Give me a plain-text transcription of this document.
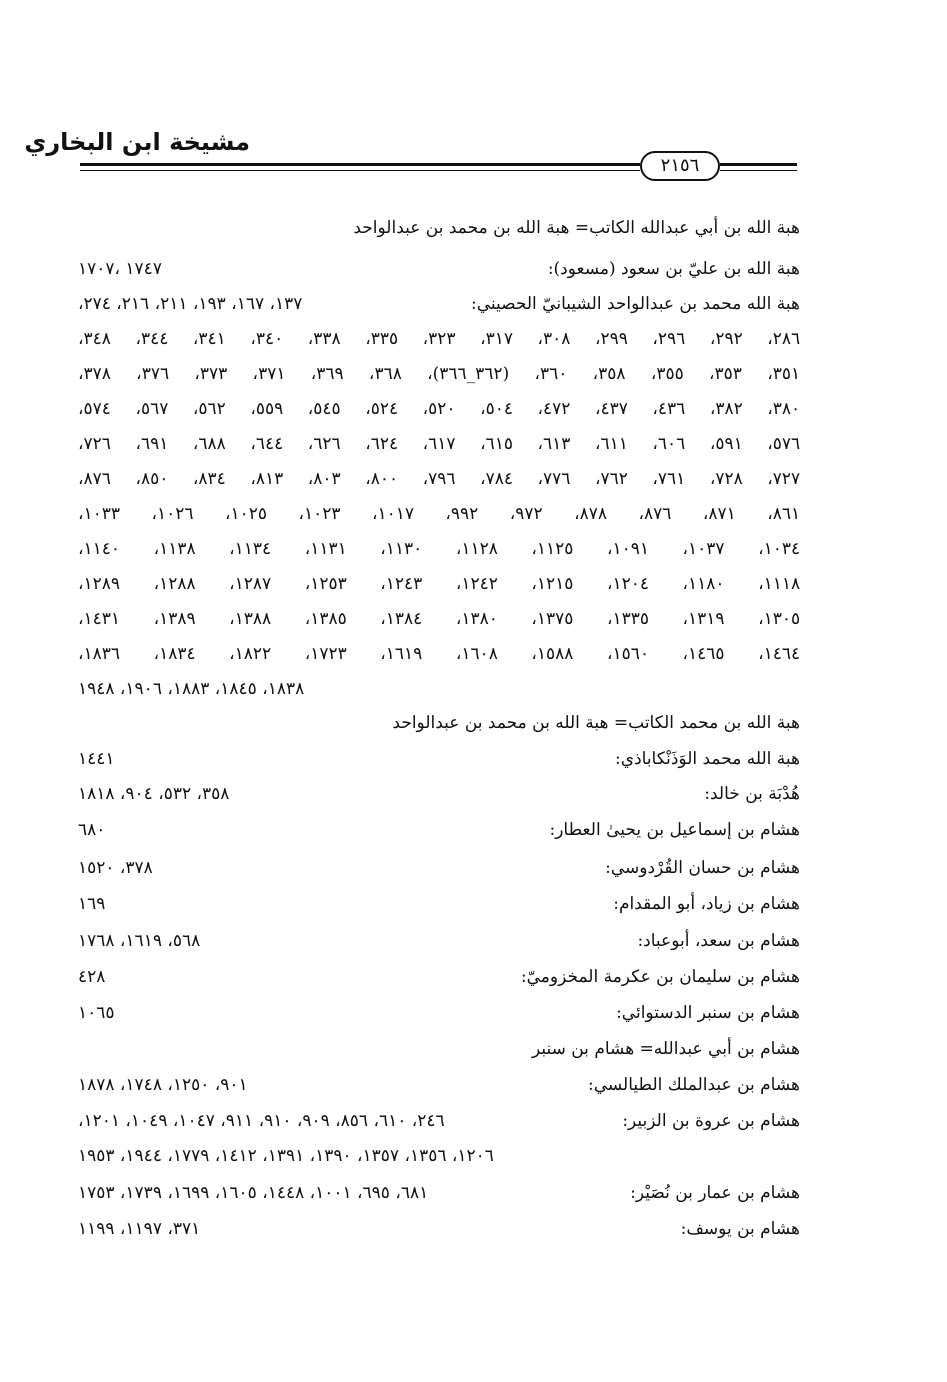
مشيخة ابن البخاري
٢١٥٦
هبة الله بن أبي عبدالله الكاتب= هبة الله بن محمد بن عبدالواحد
هبة الله بن عليّ بن سعود (مسعود):
١٧٤٧ ،١٧٠٧
هبة الله محمد بن عبدالواحد الشيبانيّ الحصيني:
١٣٧، ١٦٧، ١٩٣، ٢١١، ٢١٦، ٢٧٤،
٢٨٦، ٢٩٢، ٢٩٦، ٢٩٩، ٣٠٨، ٣١٧، ٣٢٣، ٣٣٥، ٣٣٨، ٣٤٠، ٣٤١، ٣٤٤، ٣٤٨،
٣٥١، ٣٥٣، ٣٥٥، ٣٥٨، ٣٦٠، (٣٦٢_٣٦٦)، ٣٦٨، ٣٦٩، ٣٧١، ٣٧٣، ٣٧٦، ٣٧٨،
٣٨٠، ٣٨٢، ٤٣٦، ٤٣٧، ٤٧٢، ٥٠٤، ٥٢٠، ٥٢٤، ٥٤٥، ٥٥٩، ٥٦٢، ٥٦٧، ٥٧٤،
٥٧٦، ٥٩١، ٦٠٦، ٦١١، ٦١٣، ٦١٥، ٦١٧، ٦٢٤، ٦٢٦، ٦٤٤، ٦٨٨، ٦٩١، ٧٢٦،
٧٢٧، ٧٢٨، ٧٦١، ٧٦٢، ٧٧٦، ٧٨٤، ٧٩٦، ٨٠٠، ٨٠٣، ٨١٣، ٨٣٤، ٨٥٠، ٨٧٦،
٨٦١، ٨٧١، ٨٧٦، ٨٧٨، ٩٧٢، ٩٩٢، ١٠١٧، ١٠٢٣، ١٠٢٥، ١٠٢٦، ١٠٣٣،
١٠٣٤، ١٠٣٧، ١٠٩١، ١١٢٥، ١١٢٨، ١١٣٠، ١١٣١، ١١٣٤، ١١٣٨، ١١٤٠،
١١١٨، ١١٨٠، ١٢٠٤، ١٢١٥، ١٢٤٢، ١٢٤٣، ١٢٥٣، ١٢٨٧، ١٢٨٨، ١٢٨٩،
١٣٠٥، ١٣١٩، ١٣٣٥، ١٣٧٥، ١٣٨٠، ١٣٨٤، ١٣٨٥، ١٣٨٨، ١٣٨٩، ١٤٣١،
١٤٦٤، ١٤٦٥، ١٥٦٠، ١٥٨٨، ١٦٠٨، ١٦١٩، ١٧٢٣، ١٨٢٢، ١٨٣٤، ١٨٣٦،
١٨٣٨، ١٨٤٥، ١٨٨٣، ١٩٠٦، ١٩٤٨
هبة الله بن محمد الكاتب= هبة الله بن محمد بن عبدالواحد
هبة الله محمد الوَذَنْكاباذي:
١٤٤١
هُدْبَة بن خالد:
٣٥٨، ٥٣٢، ٩٠٤، ١٨١٨
هشام بن إسماعيل بن يحيىٰ العطار:
٦٨٠
هشام بن حسان القُرْدوسي:
٣٧٨، ١٥٢٠
هشام بن زياد، أبو المقدام:
١٦٩
هشام بن سعد، أبوعباد:
٥٦٨، ١٦١٩، ١٧٦٨
هشام بن سليمان بن عكرمة المخزوميّ:
٤٢٨
هشام بن سنبر الدستوائي:
١٠٦٥
هشام بن أبي عبدالله= هشام بن سنبر
هشام بن عبدالملك الطيالسي:
٩٠١، ١٢٥٠، ١٧٤٨، ١٨٧٨
هشام بن عروة بن الزبير:
٢٤٦، ٦١٠، ٨٥٦، ٩٠٩، ٩١٠، ٩١١، ١٠٤٧، ١٠٤٩، ١٢٠١،
١٢٠٦، ١٣٥٦، ١٣٥٧، ١٣٩٠، ١٣٩١، ١٤١٢، ١٧٧٩، ١٩٤٤، ١٩٥٣
هشام بن عمار بن نُصَيْر:
٦٨١، ٦٩٥، ١٠٠١، ١٤٤٨، ١٦٠٥، ١٦٩٩، ١٧٣٩، ١٧٥٣
هشام بن يوسف:
٣٧١، ١١٩٧، ١١٩٩
